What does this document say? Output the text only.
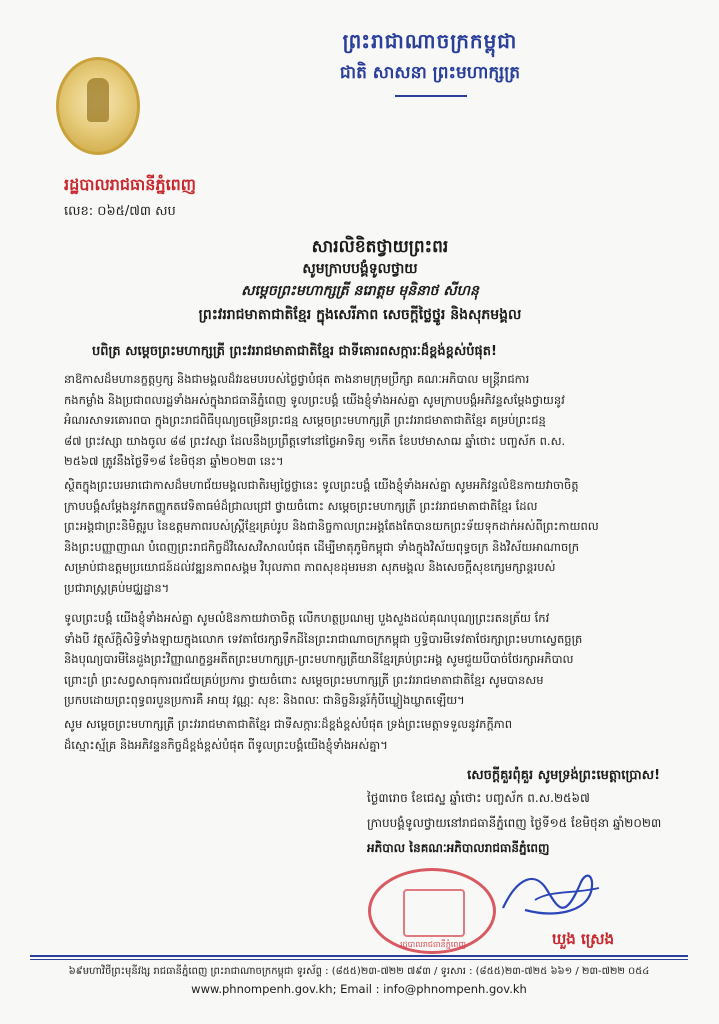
ព្រះរាជាណាចក្រកម្ពុជា
ជាតិ សាសនា ព្រះមហាក្សត្រ
រដ្ឋបាលរាជធានីភ្នំពេញ
លេខ: ០៦៥/៧៣ សប
សារលិខិតថ្វាយព្រះពរ
សូមក្រាបបង្គំទូលថ្វាយ
សម្តេចព្រះមហាក្សត្រី នរោត្តម មុនិនាថ សីហនុ
ព្រះវររាជមាតាជាតិខ្មែរ ក្នុងសេរីភាព សេចក្តីថ្លៃថ្នូរ និងសុភមង្គល
បពិត្រ សម្តេចព្រះមហាក្សត្រី ព្រះវររាជមាតាជាតិខ្មែរ ជាទីគោរពសក្ការៈដ៏ខ្ពង់ខ្ពស់បំផុត!

នាឱកាសដ៏មហានក្ខត្តឫក្ស និងជាមង្គលដ៏វរឧមបរបស់ថ្ងៃថ្វាបំផុត តាងនាមក្រុមប្រឹក្សា គណៈអភិបាល មន្ត្រីរាជការ
កងកម្លាំង និងប្រជាពលរដ្ឋទាំងអស់ក្នុងរាជធានីភ្នំពេញ ទូលព្រះបង្គំ យើងខ្ញុំទាំងអស់គ្នា សូមក្រាបបង្គំអភិវន្ទសម្តែងថ្វាយនូវ
អំណរសាទរគោរពបា ក្នុងព្រះរាជពិធីបុណ្យចម្រើនព្រះជន្ម សម្តេចព្រះមហាក្សត្រី ព្រះវររាជមាតាជាតិខ្មែរ គម្រប់ព្រះជន្ម
៨៧ ព្រះវស្សា យាងចូល ៨៨ ព្រះវស្សា ដែលនឹងប្រព្រឹត្តទៅនៅថ្ងៃអាទិត្យ ១កើត ខែបឋមាសាឍ ឆ្នាំថោះ បញ្ចស័ក ព.ស.
២៥៦៧ ត្រូវនឹងថ្ងៃទី១៨ ខែមិថុនា ឆ្នាំ២០២៣ នេះ។

ស្ថិតក្នុងព្រះបរមរាជោកាសដ៏មហាជ័យមង្គលជាតិរម្យថ្លៃថ្លានេះ ទូលព្រះបង្គំ យើងខ្ញុំទាំងអស់គ្នា សូមអភិវន្ទលំឱនកាយវាចាចិត្ត
ក្រាបបង្គំសម្តែងនូវកតញ្ញូកតវេទិតាធម៌ដ៏ជ្រាលជ្រៅ ថ្វាយចំពោះ សម្តេចព្រះមហាក្សត្រី ព្រះវររាជមាតាជាតិខ្មែរ ដែល
ព្រះអង្គជាព្រះនិមិត្តរូប នៃឧត្តមភាពរបស់ស្ត្រីខ្មែរគ្រប់រូប និងជានិច្ចកាលព្រះអង្គតែងតែបានយកព្រះទ័យទុកដាក់អស់ពីព្រះកាយពល
និងព្រះបញ្ញាញាណ បំពេញព្រះរាជកិច្ចដ៏វិសេសវិសាលបំផុត ដើម្បីមាតុភូមិកម្ពុជា ទាំងក្នុងវិស័យពុទ្ធចក្រ និងវិស័យអាណាចក្រ
សម្រាប់ជាឧត្តមប្រយោជន៍ដល់វឌ្ឍនភាពសង្គម វិបុលភាព ភាពសុខដុមរមនា សុភមង្គល និងសេចក្តីសុខក្សេមក្សាន្តរបស់
ប្រជារាស្ត្រគ្រប់មជ្ឈដ្ឋាន។

ទូលព្រះបង្គំ យើងខ្ញុំទាំងអស់គ្នា សូមលំឱនកាយវាចាចិត្ត លើកហត្ថប្រណម្យ បួងសួងដល់គុណបុណ្យព្រះរតនត្រ័យ កែវ
ទាំងបី វត្ថុស័ក្តិសិទ្ធិទាំងឡាយក្នុងលោក ទេវតាថែរក្សាទឹកដីនៃព្រះរាជាណាចក្រកម្ពុជា ឫទ្ធិបារមីទេវតាថែរក្សាព្រះមហាស្វេតច្ឆត្រ
និងបុណ្យបារមីនៃដួងព្រះវិញ្ញាណក្ខន្ធអតីតព្រះមហាក្សត្រ-ព្រះមហាក្សត្រីយានីខ្មែរគ្រប់ព្រះអង្គ សូមជួយបីបាច់ថែរក្សាអភិបាល
ព្រោះព្រំ ព្រះសព្វសាធុការពរជ័យគ្រប់ប្រការ ថ្វាយចំពោះ សម្តេចព្រះមហាក្សត្រី ព្រះវររាជមាតាជាតិខ្មែរ សូមបានសម
ប្រកបដោយព្រះពុទ្ធពរបួនប្រការគឺ អាយុ វណ្ណៈ សុខៈ និងពលៈ ជានិច្ចនិរន្តរ៍កុំបីឃ្លៀងឃ្លាតឡើយ។

សូម សម្តេចព្រះមហាក្សត្រី ព្រះវររាជមាតាជាតិខ្មែរ ជាទីសក្ការៈដ៏ខ្ពង់ខ្ពស់បំផុត ទ្រង់ព្រះមេត្តាទទួលនូវភក្តីភាព
ដ៏ស្មោះស្ម័គ្រ និងអភិវន្ទនកិច្ចដ៏ខ្ពង់ខ្ពស់បំផុត ពីទូលព្រះបង្គំយើងខ្ញុំទាំងអស់គ្នា។

សេចក្តីគួរពុំគួរ សូមទ្រង់ព្រះមេត្តាប្រោស!
ថ្ងៃ៣រោច ខែជេស្ឋ ឆ្នាំថោះ បញ្ចស័ក ព.ស.២៥៦៧
ក្រាបបង្គំទូលថ្វាយនៅរាជធានីភ្នំពេញ ថ្ងៃទី១៥ ខែមិថុនា ឆ្នាំ២០២៣
អភិបាល នៃគណៈអភិបាលរាជធានីភ្នំពេញ
រដ្ឋបាលរាជធានីភ្នំពេញ	ឃួង ស្រេង
៦៩មហាវិថីព្រះមុនីវង្ស រាជធានីភ្នំពេញ ព្រះរាជាណាចក្រកម្ពុជា ទូរស័ព្ទ : (៨៥៥)២៣-៧២២ ៧៩៣ / ទូរសារ : (៨៥៥)២៣-៧២៥ ៦៦១ / ២៣-៧២២ ០៥៤
www.phnompenh.gov.kh; Email : info@phnompenh.gov.kh
